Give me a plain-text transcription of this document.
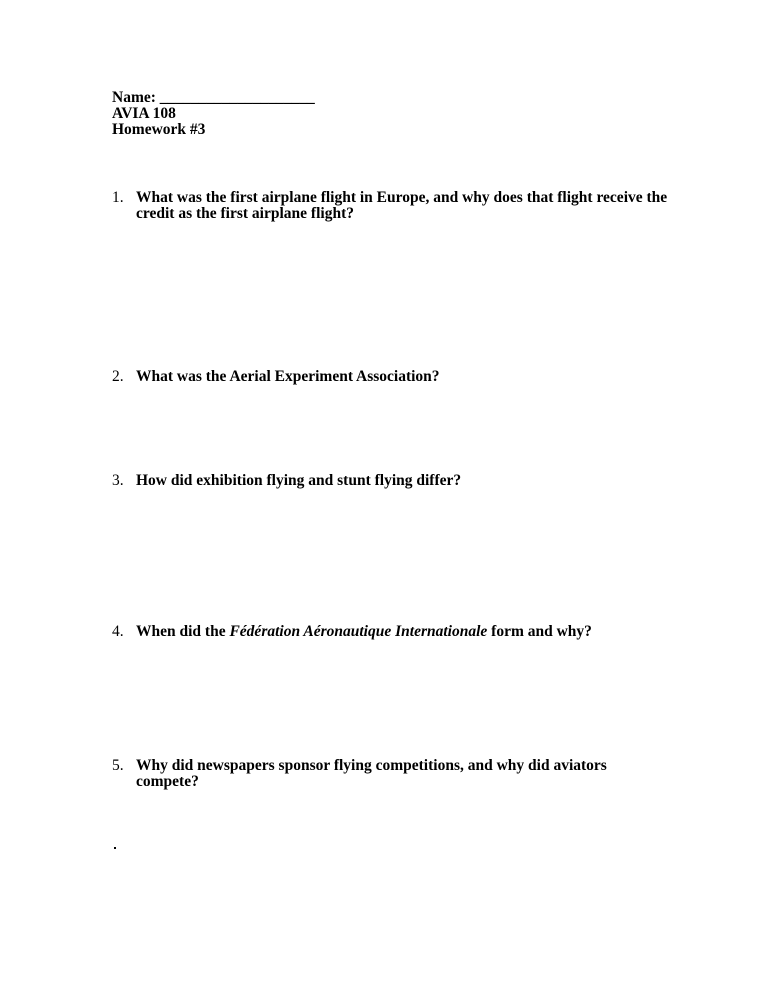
Name: ____________________
AVIA 108
Homework #3
1. What was the first airplane flight in Europe, and why does that flight receive the credit as the first airplane flight?
2. What was the Aerial Experiment Association?
3. How did exhibition flying and stunt flying differ?
4. When did the Fédération Aéronautique Internationale form and why?
5. Why did newspapers sponsor flying competitions, and why did aviators compete?
